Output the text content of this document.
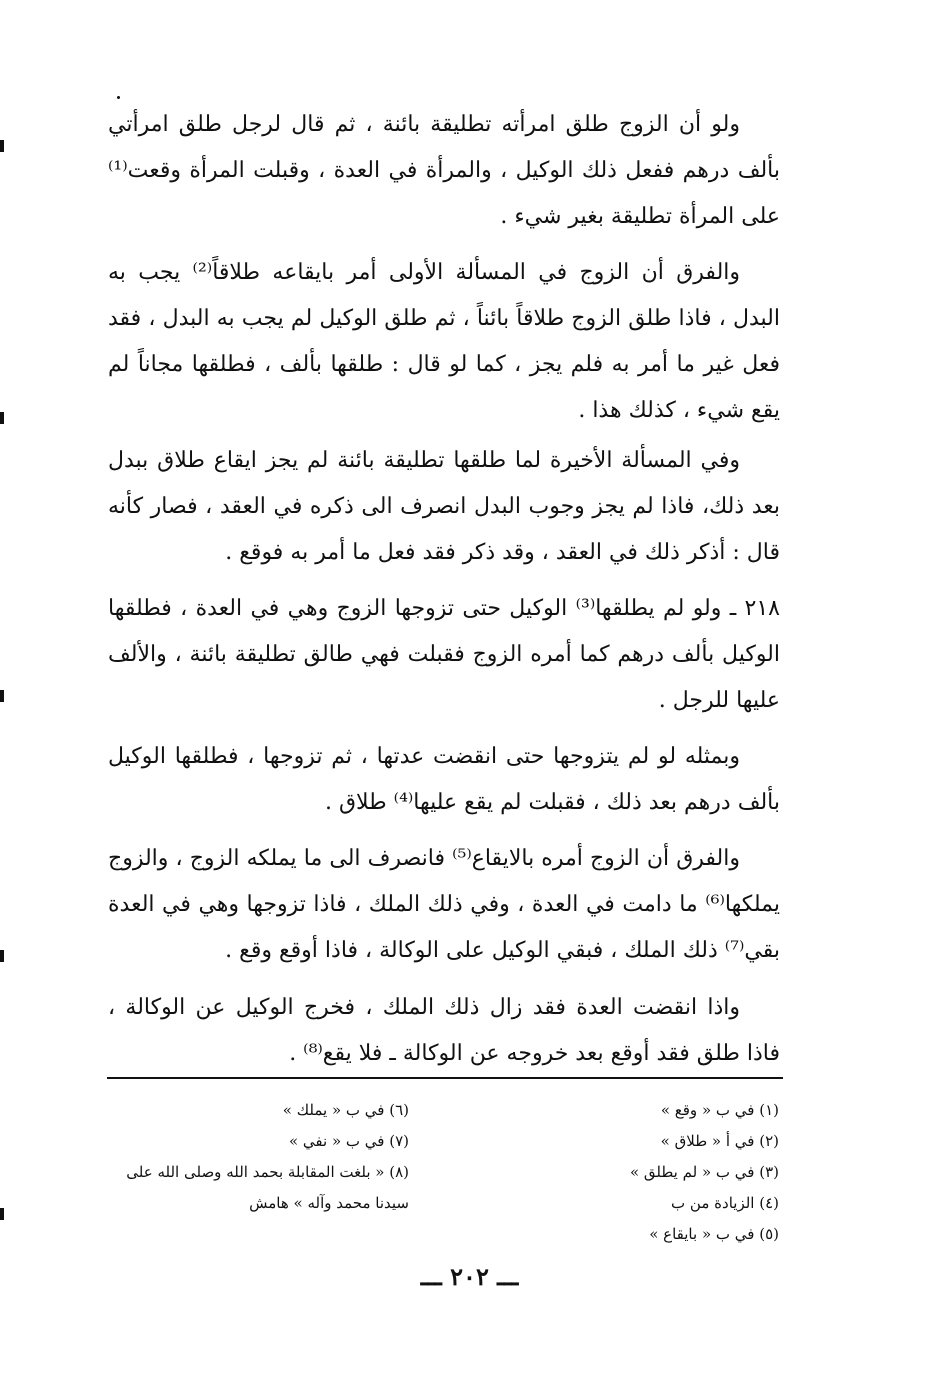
ولو أن الزوج طلق امرأته تطليقة بائنة ، ثم قال لرجل طلق امرأتي بألف درهم ففعل ذلك الوكيل ، والمرأة في العدة ، وقبلت المرأة وقعت⁽¹⁾ على المرأة تطليقة بغير شيء .

والفرق أن الزوج في المسألة الأولى أمر بايقاعه طلاقاً⁽²⁾ يجب به البدل ، فاذا طلق الزوج طلاقاً بائناً ، ثم طلق الوكيل لم يجب به البدل ، فقد فعل غير ما أمر به فلم يجز ، كما لو قال : طلقها بألف ، فطلقها مجاناً لم يقع شيء ، كذلك هذا .

وفي المسألة الأخيرة لما طلقها تطليقة بائنة لم يجز ايقاع طلاق ببدل بعد ذلك، فاذا لم يجز وجوب البدل انصرف الى ذكره في العقد ، فصار كأنه قال : أذكر ذلك في العقد ، وقد ذكر فقد فعل ما أمر به فوقع .

٢١٨ ـ ولو لم يطلقها⁽³⁾ الوكيل حتى تزوجها الزوج وهي في العدة ، فطلقها الوكيل بألف درهم كما أمره الزوج فقبلت فهي طالق تطليقة بائنة ، والألف عليها للرجل .

وبمثله لو لم يتزوجها حتى انقضت عدتها ، ثم تزوجها ، فطلقها الوكيل بألف درهم بعد ذلك ، فقبلت لم يقع عليها⁽⁴⁾ طلاق .

والفرق أن الزوج أمره بالايقاع⁽⁵⁾ فانصرف الى ما يملكه الزوج ، والزوج يملكها⁽⁶⁾ ما دامت في العدة ، وفي ذلك الملك ، فاذا تزوجها وهي في العدة بقي⁽⁷⁾ ذلك الملك ، فبقي الوكيل على الوكالة ، فاذا أوقع وقع .

واذا انقضت العدة فقد زال ذلك الملك ، فخرج الوكيل عن الوكالة ، فاذا طلق فقد أوقع بعد خروجه عن الوكالة ـ فلا يقع⁽⁸⁾ .

(١) في ب « وقع »

(٢) في أ « طلاق »

(٣) في ب « لم يطلق »

(٤) الزيادة من ب

(٥) في ب « بايقاع »

(٦) في ب « يملك »

(٧) في ب « نفي »

(٨) « بلغت المقابلة بحمد الله وصلى الله على سيدنا محمد وآله » هامش

ـــ ٢٠٢ ـــ
